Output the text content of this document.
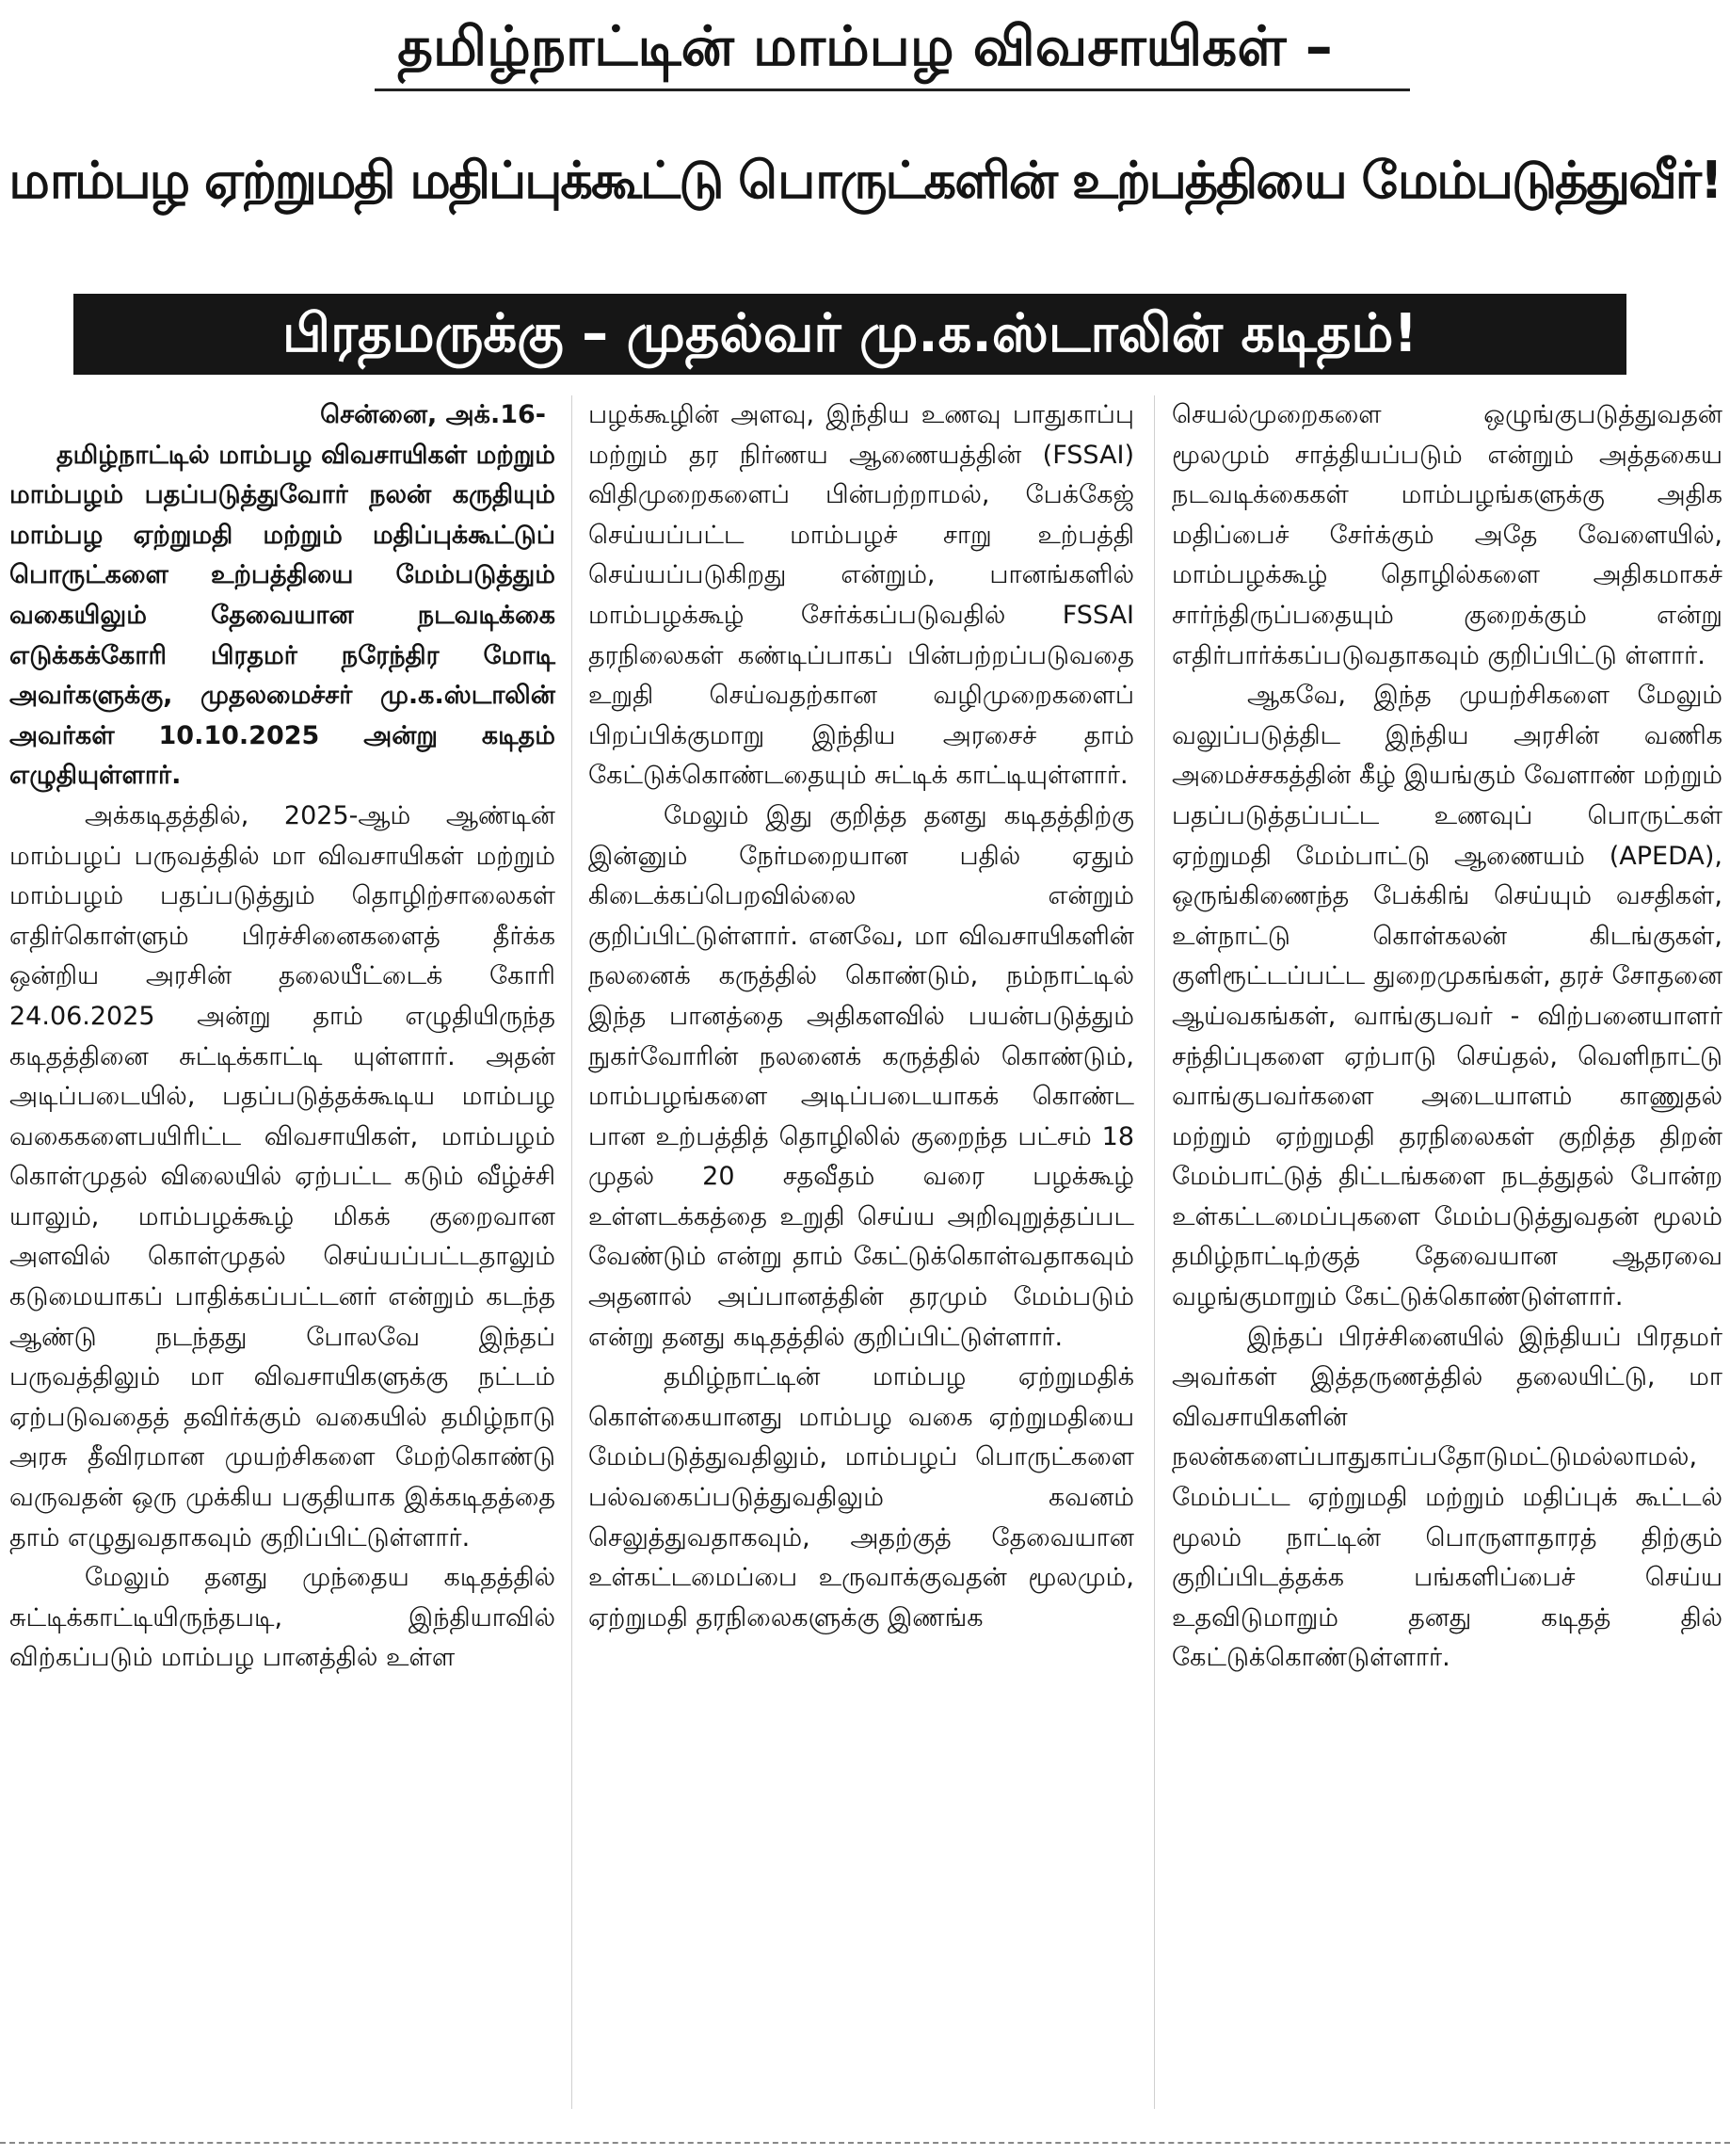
தமிழ்நாட்டின் மாம்பழ விவசாயிகள் –
மாம்பழ ஏற்றுமதி மதிப்புக்கூட்டு பொருட்களின் உற்பத்தியை மேம்படுத்துவீர்!
பிரதமருக்கு – முதல்வர் மு.க.ஸ்டாலின் கடிதம்!

சென்னை, அக்.16-

தமிழ்நாட்டில் மாம்பழ விவசாயிகள் மற்றும் மாம்பழம் பதப்படுத்துவோர் நலன் கருதியும் மாம்பழ ஏற்றுமதி மற்றும் மதிப்புக்கூட்டுப் பொருட்களை உற்பத்தியை மேம்படுத்தும் வகையிலும் தேவையான நடவடிக்கை எடுக்கக்கோரி பிரதமர் நரேந்திர மோடி அவர்களுக்கு, முதலமைச்சர் மு.க.ஸ்டாலின் அவர்கள் 10.10.2025 அன்று கடிதம் எழுதியுள்ளார்.

அக்கடிதத்தில், 2025-ஆம் ஆண்டின் மாம்பழப் பருவத்தில் மா விவசாயிகள் மற்றும் மாம்பழம் பதப்படுத்தும் தொழிற்சாலைகள் எதிர்கொள்ளும் பிரச்சினைகளைத் தீர்க்க ஒன்றிய அரசின் தலையீட்டைக் கோரி 24.06.2025 அன்று தாம் எழுதியிருந்த கடிதத்தினை சுட்டிக்காட்டி யுள்ளார். அதன் அடிப்படையில், பதப்படுத்தக்கூடிய மாம்பழ வகைகளைபயிரிட்ட விவசாயிகள், மாம்பழம் கொள்முதல் விலையில் ஏற்பட்ட கடும் வீழ்ச்சி யாலும், மாம்பழக்கூழ் மிகக் குறைவான அளவில் கொள்முதல் செய்யப்பட்டதாலும் கடுமையாகப் பாதிக்கப்பட்டனர் என்றும் கடந்த ஆண்டு நடந்தது போலவே இந்தப் பருவத்திலும் மா விவசாயிகளுக்கு நட்டம் ஏற்படுவதைத் தவிர்க்கும் வகையில் தமிழ்நாடு அரசு தீவிரமான முயற்சிகளை மேற்கொண்டு வருவதன் ஒரு முக்கிய பகுதியாக இக்கடிதத்தை தாம் எழுதுவதாகவும் குறிப்பிட்டுள்ளார்.

மேலும் தனது முந்தைய கடிதத்தில் சுட்டிக்காட்டியிருந்தபடி, இந்தியாவில் விற்கப்படும் மாம்பழ பானத்தில் உள்ள

பழக்கூழின் அளவு, இந்திய உணவு பாதுகாப்பு மற்றும் தர நிர்ணய ஆணையத்தின் (FSSAI) விதிமுறைகளைப் பின்பற்றாமல், பேக்கேஜ் செய்யப்பட்ட மாம்பழச் சாறு உற்பத்தி செய்யப்படுகிறது என்றும், பானங்களில் மாம்பழக்கூழ் சேர்க்கப்படுவதில் FSSAI தரநிலைகள் கண்டிப்பாகப் பின்பற்றப்படுவதை உறுதி செய்வதற்கான வழிமுறைகளைப் பிறப்பிக்குமாறு இந்திய அரசைச் தாம் கேட்டுக்கொண்டதையும் சுட்டிக் காட்டியுள்ளார்.

மேலும் இது குறித்த தனது கடிதத்திற்கு இன்னும் நேர்மறையான பதில் ஏதும் கிடைக்கப்பெறவில்லை என்றும் குறிப்பிட்டுள்ளார். எனவே, மா விவசாயிகளின் நலனைக் கருத்தில் கொண்டும், நம்நாட்டில் இந்த பானத்தை அதிகளவில் பயன்படுத்தும் நுகர்வோரின் நலனைக் கருத்தில் கொண்டும், மாம்பழங்களை அடிப்படையாகக் கொண்ட பான உற்பத்தித் தொழிலில் குறைந்த பட்சம் 18 முதல் 20 சதவீதம் வரை பழக்கூழ் உள்ளடக்கத்தை உறுதி செய்ய அறிவுறுத்தப்பட வேண்டும் என்று தாம் கேட்டுக்கொள்வதாகவும் அதனால் அப்பானத்தின் தரமும் மேம்படும் என்று தனது கடிதத்தில் குறிப்பிட்டுள்ளார்.

தமிழ்நாட்டின் மாம்பழ ஏற்றுமதிக் கொள்கையானது மாம்பழ வகை ஏற்றுமதியை மேம்படுத்துவதிலும், மாம்பழப் பொருட்களை பல்வகைப்படுத்துவதிலும் கவனம் செலுத்துவதாகவும், அதற்குத் தேவையான உள்கட்டமைப்பை உருவாக்குவதன் மூலமும், ஏற்றுமதி தரநிலைகளுக்கு இணங்க

செயல்முறைகளை ஒழுங்குபடுத்துவதன் மூலமும் சாத்தியப்படும் என்றும் அத்தகைய நடவடிக்கைகள் மாம்பழங்களுக்கு அதிக மதிப்பைச் சேர்க்கும் அதே வேளையில், மாம்பழக்கூழ் தொழில்களை அதிகமாகச் சார்ந்திருப்பதையும் குறைக்கும் என்று எதிர்பார்க்கப்படுவதாகவும் குறிப்பிட்டு ள்ளார்.

ஆகவே, இந்த முயற்சிகளை மேலும் வலுப்படுத்திட இந்திய அரசின் வணிக அமைச்சகத்தின் கீழ் இயங்கும் வேளாண் மற்றும் பதப்படுத்தப்பட்ட உணவுப் பொருட்கள் ஏற்றுமதி மேம்பாட்டு ஆணையம் (APEDA), ஒருங்கிணைந்த பேக்கிங் செய்யும் வசதிகள், உள்நாட்டு கொள்கலன் கிடங்குகள், குளிரூட்டப்பட்ட துறைமுகங்கள், தரச் சோதனை ஆய்வகங்கள், வாங்குபவர் - விற்பனையாளர் சந்திப்புகளை ஏற்பாடு செய்தல், வெளிநாட்டு வாங்குபவர்களை அடையாளம் காணுதல் மற்றும் ஏற்றுமதி தரநிலைகள் குறித்த திறன் மேம்பாட்டுத் திட்டங்களை நடத்துதல் போன்ற உள்கட்டமைப்புகளை மேம்படுத்துவதன் மூலம் தமிழ்நாட்டிற்குத் தேவையான ஆதரவை வழங்குமாறும் கேட்டுக்கொண்டுள்ளார்.

இந்தப் பிரச்சினையில் இந்தியப் பிரதமர் அவர்கள் இத்தருணத்தில் தலையிட்டு, மா விவசாயிகளின் நலன்களைப்பாதுகாப்பதோடுமட்டுமல்லாமல், மேம்பட்ட ஏற்றுமதி மற்றும் மதிப்புக் கூட்டல் மூலம் நாட்டின் பொருளாதாரத் திற்கும் குறிப்பிடத்தக்க பங்களிப்பைச் செய்ய உதவிடுமாறும் தனது கடிதத் தில் கேட்டுக்கொண்டுள்ளார்.
